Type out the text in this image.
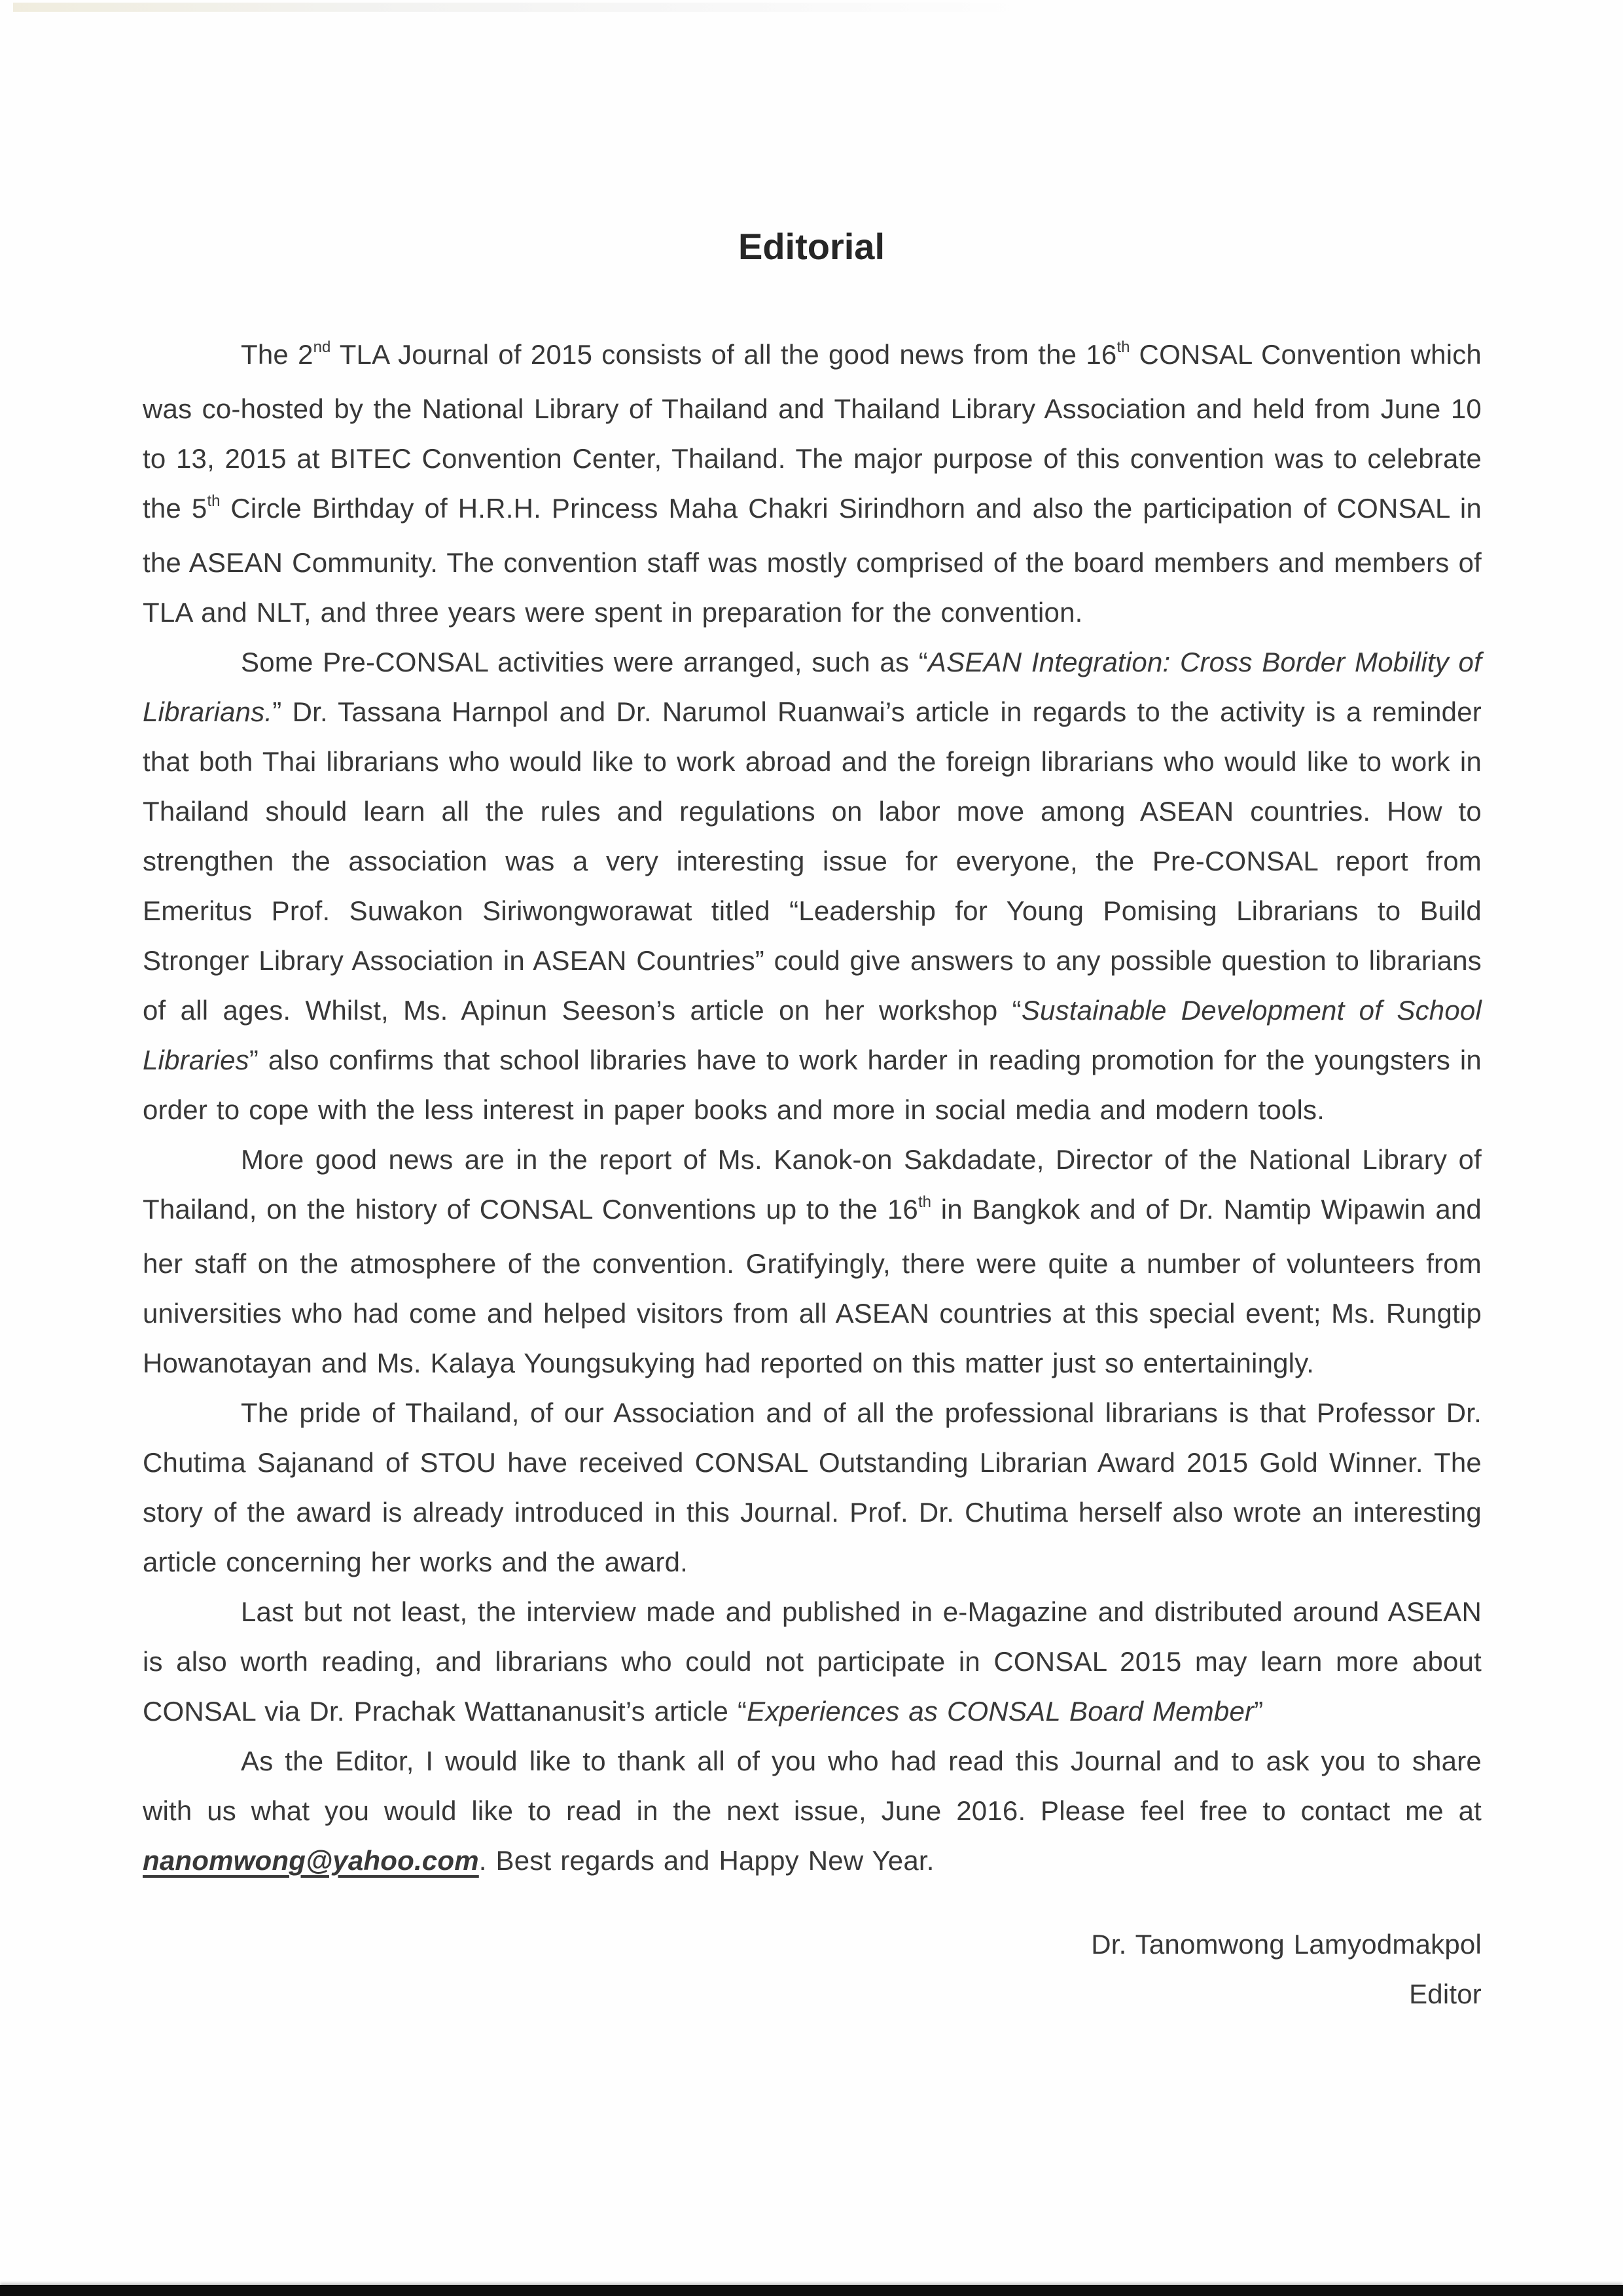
Editorial

The 2nd TLA Journal of 2015 consists of all the good news from the 16th CONSAL Convention which was co-hosted by the National Library of Thailand and Thailand Library Association and held from June 10 to 13, 2015 at BITEC Convention Center, Thailand. The major purpose of this convention was to celebrate the 5th Circle Birthday of H.R.H. Princess Maha Chakri Sirindhorn and also the participation of CONSAL in the ASEAN Community. The convention staff was mostly comprised of the board members and members of TLA and NLT, and three years were spent in preparation for the convention.

Some Pre-CONSAL activities were arranged, such as “ASEAN Integration: Cross Border Mobility of Librarians.” Dr. Tassana Harnpol and Dr. Narumol Ruanwai’s article in regards to the activity is a reminder that both Thai librarians who would like to work abroad and the foreign librarians who would like to work in Thailand should learn all the rules and regulations on labor move among ASEAN countries. How to strengthen the association was a very interesting issue for everyone, the Pre-CONSAL report from Emeritus Prof. Suwakon Siriwongworawat titled “Leadership for Young Pomising Librarians to Build Stronger Library Association in ASEAN Countries” could give answers to any possible question to librarians of all ages. Whilst, Ms. Apinun Seeson’s article on her workshop “Sustainable Development of School Libraries” also confirms that school libraries have to work harder in reading promotion for the youngsters in order to cope with the less interest in paper books and more in social media and modern tools.

More good news are in the report of Ms. Kanok-on Sakdadate, Director of the National Library of Thailand, on the history of CONSAL Conventions up to the 16th in Bangkok and of Dr. Namtip Wipawin and her staff on the atmosphere of the convention. Gratifyingly, there were quite a number of volunteers from universities who had come and helped visitors from all ASEAN countries at this special event; Ms. Rungtip Howanotayan and Ms. Kalaya Youngsukying had reported on this matter just so entertainingly.

The pride of Thailand, of our Association and of all the professional librarians is that Professor Dr. Chutima Sajanand of STOU have received CONSAL Outstanding Librarian Award 2015 Gold Winner. The story of the award is already introduced in this Journal. Prof. Dr. Chutima herself also wrote an interesting article concerning her works and the award.

Last but not least, the interview made and published in e-Magazine and distributed around ASEAN is also worth reading, and librarians who could not participate in CONSAL 2015 may learn more about CONSAL via Dr. Prachak Wattananusit’s article “Experiences as CONSAL Board Member”

As the Editor, I would like to thank all of you who had read this Journal and to ask you to share with us what you would like to read in the next issue, June 2016. Please feel free to contact me at nanomwong@yahoo.com. Best regards and Happy New Year.

Dr. Tanomwong Lamyodmakpol
Editor
